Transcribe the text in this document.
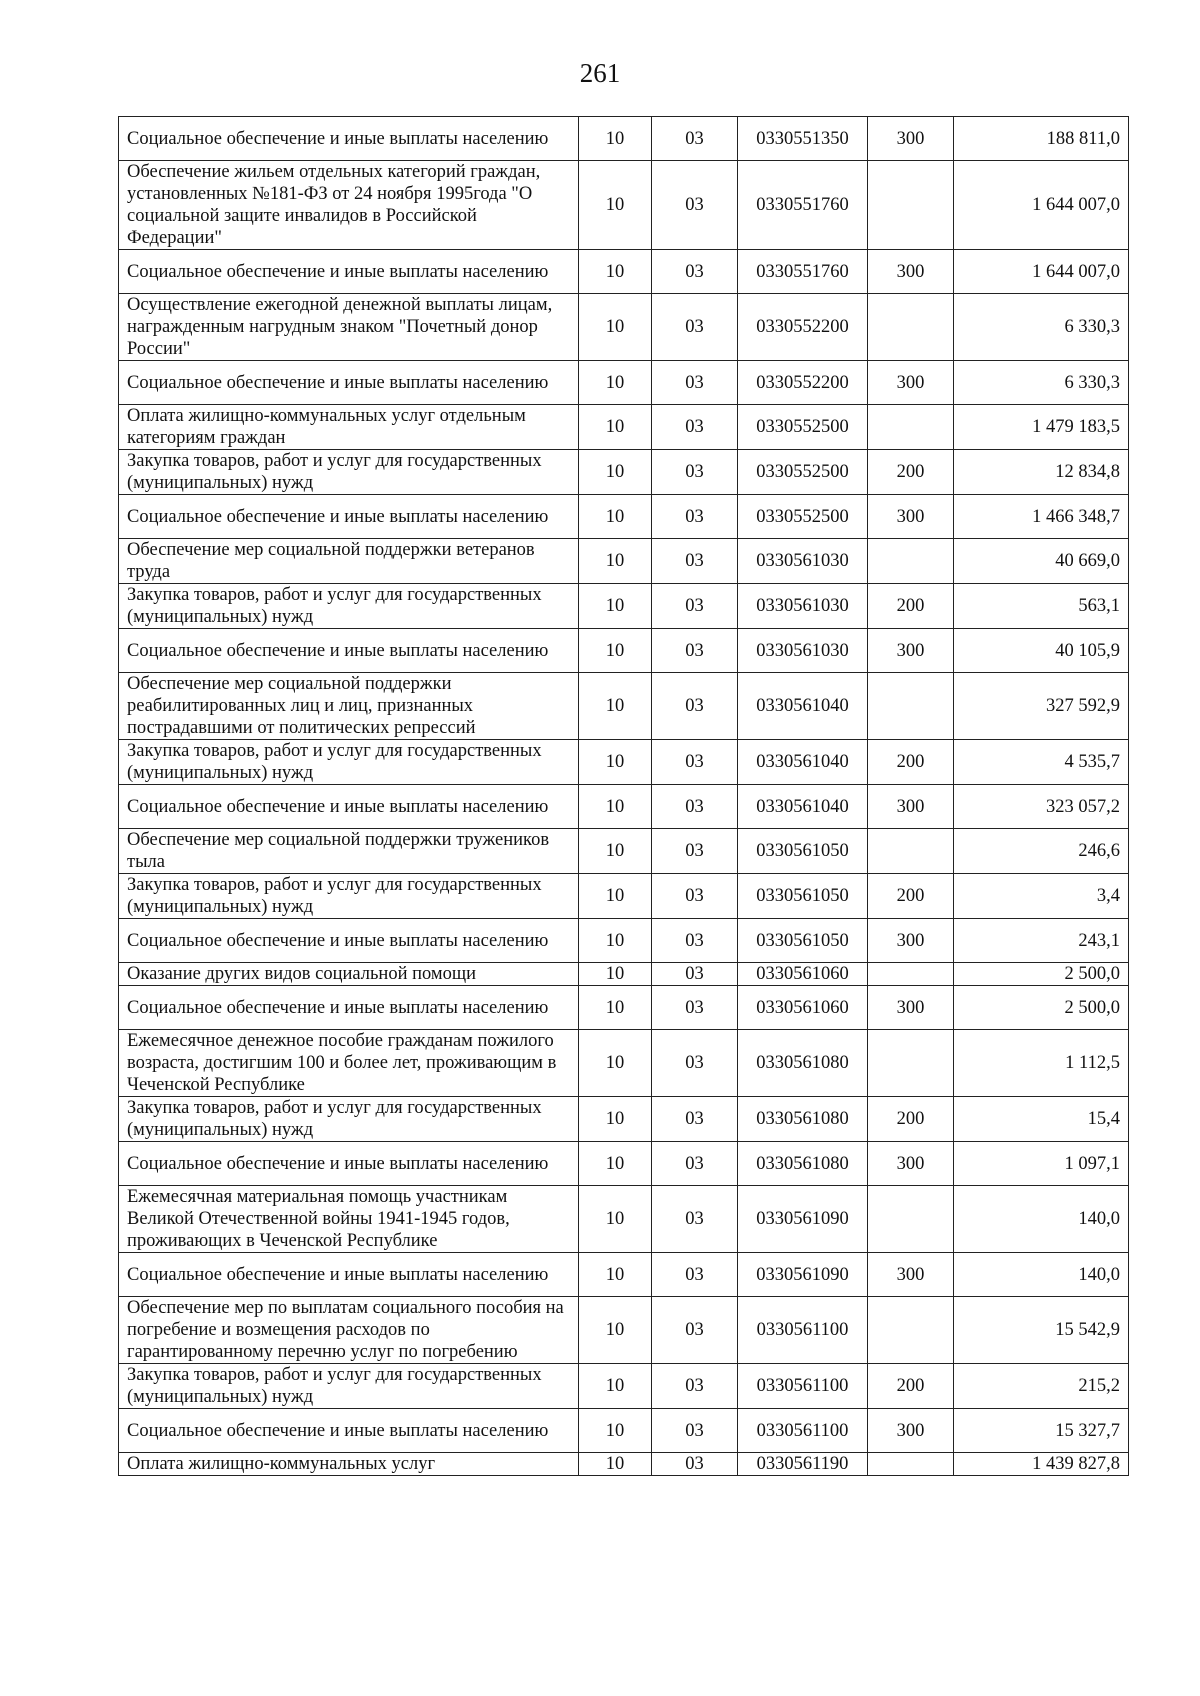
261
Социальное обеспечение и иные выплаты населению	10	03	0330551350	300	188 811,0
Обеспечение жильем отдельных категорий граждан, установленных №181-ФЗ от 24 ноября 1995года "О социальной защите инвалидов в Российской Федерации"	10	03	0330551760		1 644 007,0
Социальное обеспечение и иные выплаты населению	10	03	0330551760	300	1 644 007,0
Осуществление ежегодной денежной выплаты лицам, награжденным нагрудным знаком "Почетный донор России"	10	03	0330552200		6 330,3
Социальное обеспечение и иные выплаты населению	10	03	0330552200	300	6 330,3
Оплата жилищно-коммунальных услуг отдельным категориям граждан	10	03	0330552500		1 479 183,5
Закупка товаров, работ и услуг для государственных (муниципальных) нужд	10	03	0330552500	200	12 834,8
Социальное обеспечение и иные выплаты населению	10	03	0330552500	300	1 466 348,7
Обеспечение мер социальной поддержки ветеранов труда	10	03	0330561030		40 669,0
Закупка товаров, работ и услуг для государственных (муниципальных) нужд	10	03	0330561030	200	563,1
Социальное обеспечение и иные выплаты населению	10	03	0330561030	300	40 105,9
Обеспечение мер социальной поддержки реабилитированных лиц и лиц, признанных пострадавшими от политических репрессий	10	03	0330561040		327 592,9
Закупка товаров, работ и услуг для государственных (муниципальных) нужд	10	03	0330561040	200	4 535,7
Социальное обеспечение и иные выплаты населению	10	03	0330561040	300	323 057,2
Обеспечение мер социальной поддержки тружеников тыла	10	03	0330561050		246,6
Закупка товаров, работ и услуг для государственных (муниципальных) нужд	10	03	0330561050	200	3,4
Социальное обеспечение и иные выплаты населению	10	03	0330561050	300	243,1
Оказание других видов социальной помощи	10	03	0330561060		2 500,0
Социальное обеспечение и иные выплаты населению	10	03	0330561060	300	2 500,0
Ежемесячное денежное пособие гражданам пожилого возраста, достигшим 100 и более лет, проживающим в Чеченской Республике	10	03	0330561080		1 112,5
Закупка товаров, работ и услуг для государственных (муниципальных) нужд	10	03	0330561080	200	15,4
Социальное обеспечение и иные выплаты населению	10	03	0330561080	300	1 097,1
Ежемесячная материальная помощь участникам Великой Отечественной войны 1941-1945 годов, проживающих в Чеченской Республике	10	03	0330561090		140,0
Социальное обеспечение и иные выплаты населению	10	03	0330561090	300	140,0
Обеспечение мер по выплатам социального пособия на погребение и возмещения расходов по гарантированному перечню услуг по погребению	10	03	0330561100		15 542,9
Закупка товаров, работ и услуг для государственных (муниципальных) нужд	10	03	0330561100	200	215,2
Социальное обеспечение и иные выплаты населению	10	03	0330561100	300	15 327,7
Оплата жилищно-коммунальных услуг	10	03	0330561190		1 439 827,8
